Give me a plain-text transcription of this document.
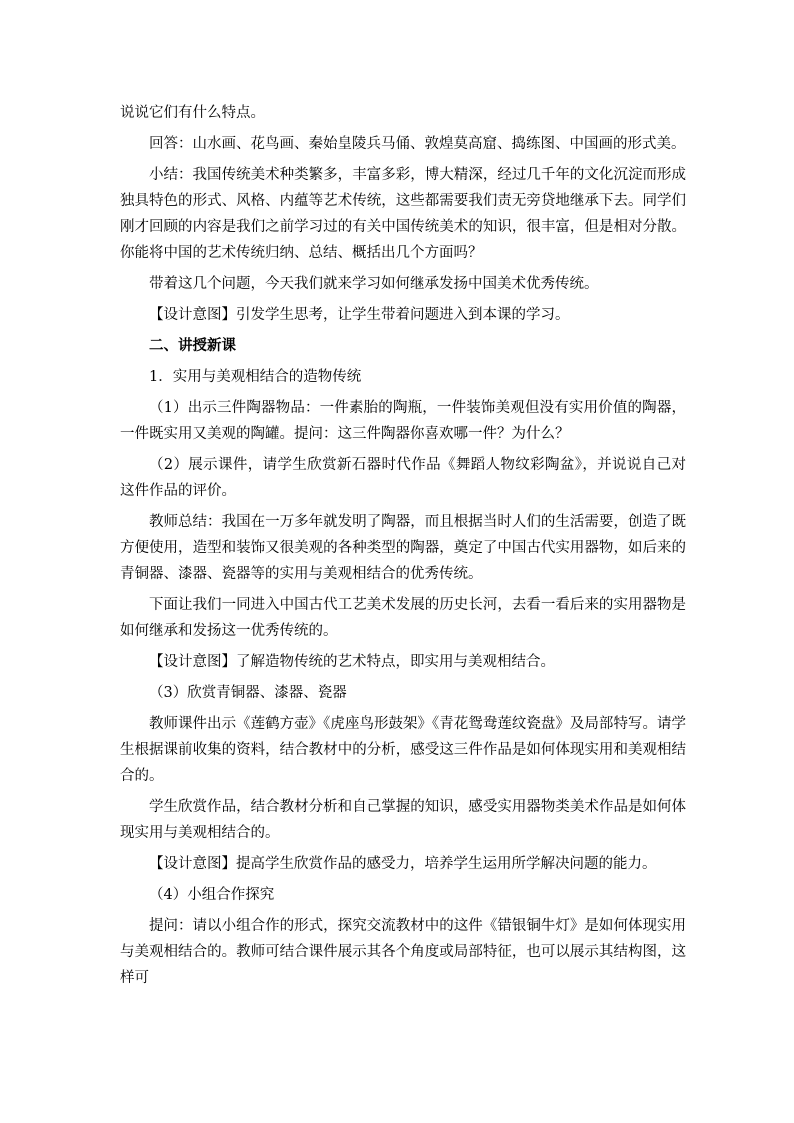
说说它们有什么特点。

回答：山水画、花鸟画、秦始皇陵兵马俑、敦煌莫高窟、捣练图、中国画的形式美。

小结：我国传统美术种类繁多，丰富多彩，博大精深，经过几千年的文化沉淀而形成独具特色的形式、风格、内蕴等艺术传统，这些都需要我们责无旁贷地继承下去。同学们刚才回顾的内容是我们之前学习过的有关中国传统美术的知识，很丰富，但是相对分散。你能将中国的艺术传统归纳、总结、概括出几个方面吗？

带着这几个问题，今天我们就来学习如何继承发扬中国美术优秀传统。

【设计意图】引发学生思考，让学生带着问题进入到本课的学习。

二、讲授新课

1．实用与美观相结合的造物传统

（1）出示三件陶器物品：一件素胎的陶瓶，一件装饰美观但没有实用价值的陶器，一件既实用又美观的陶罐。提问：这三件陶器你喜欢哪一件？为什么？

（2）展示课件，请学生欣赏新石器时代作品《舞蹈人物纹彩陶盆》，并说说自己对这件作品的评价。

教师总结：我国在一万多年就发明了陶器，而且根据当时人们的生活需要，创造了既方便使用，造型和装饰又很美观的各种类型的陶器，奠定了中国古代实用器物，如后来的青铜器、漆器、瓷器等的实用与美观相结合的优秀传统。

下面让我们一同进入中国古代工艺美术发展的历史长河，去看一看后来的实用器物是如何继承和发扬这一优秀传统的。

【设计意图】了解造物传统的艺术特点，即实用与美观相结合。

（3）欣赏青铜器、漆器、瓷器

教师课件出示《莲鹤方壶》《虎座鸟形鼓架》《青花鸳鸯莲纹瓷盘》及局部特写。请学生根据课前收集的资料，结合教材中的分析，感受这三件作品是如何体现实用和美观相结合的。

学生欣赏作品，结合教材分析和自己掌握的知识，感受实用器物类美术作品是如何体现实用与美观相结合的。

【设计意图】提高学生欣赏作品的感受力，培养学生运用所学解决问题的能力。

（4）小组合作探究

提问：请以小组合作的形式，探究交流教材中的这件《错银铜牛灯》是如何体现实用与美观相结合的。教师可结合课件展示其各个角度或局部特征，也可以展示其结构图，这样可
